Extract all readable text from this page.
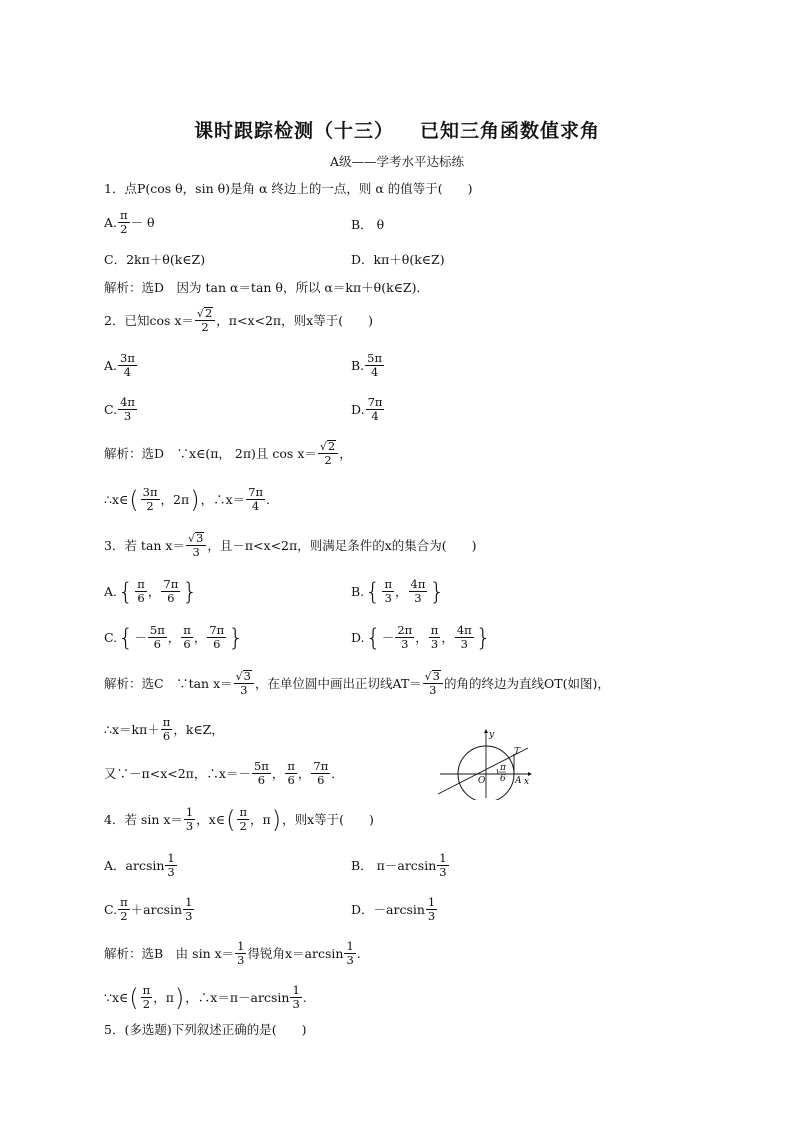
课时跟踪检测（十三） 已知三角函数值求角
A级——学考水平达标练
1．点P(cos θ，sin θ)是角 α 终边上的一点，则 α 的值等于(　　)
A. $\frac{\pi}{2} - \theta$	B． θ
C．2kπ＋θ(k∈Z)	D．kπ＋θ(k∈Z)
解析：选D　因为 tan α＝tan θ，所以 α＝kπ＋θ(k∈Z)．
2．已知$\cos x= \frac{√ 2}{2}$ ，π<x<2π，则x等于(　　)
A. $\frac{3\pi}{4}$	B. $\frac{5\pi}{4}$
C. $\frac{4\pi}{3}$	D. $\frac{7\pi}{4}$
解析：选D　∵x∈(π， 2π)且 $\cos x= \frac{√ 2}{2}$ ，
∴x∈ ( $\frac{3\pi}{2}$ ，2π ) ，∴x＝ $\frac{7\pi}{4}$ .
3．若 $\tan x= \frac{√ 3}{3}$ ，且－π<x<2π，则满足条件的x的集合为(　　)
A. { $\frac{\pi}{6}$ ， $\frac{7\pi}{6}$ }	B. { $\frac{\pi}{3}$ ， $\frac{4\pi}{3}$ }
C. { － $\frac{5\pi}{6}$ ， $\frac{\pi}{6}$ ， $\frac{7\pi}{6}$ }	D. { － $\frac{2\pi}{3}$ ， $\frac{\pi}{3}$ ， $\frac{4\pi}{3}$ }
解析：选C　∵tan $x= \frac{√ 3}{3}$ ，在单位圆中画出正切线$AT= \frac{√ 3}{3}$ 的角的终边为直线OT(如图)，
∴x＝kπ＋ $\frac{\pi}{6}$ ，k∈Z，
又∵－π<x<2π，∴x＝－ $\frac{5\pi}{6}$ ， $\frac{\pi}{6}$ ， $\frac{7\pi}{6}$ ．
y
x
O	A
T
π
6
4．若 $\sin x= \frac{1}{3}$ ，x∈ ( $\frac{\pi}{2}$ ，π ) ，则x等于(　　)
A．$\arcsin \frac{1}{3}$	B． $\pi-\arcsin \frac{1}{3}$
C. $\frac{\pi}{2} +\arcsin \frac{1}{3}$	D．$-\arcsin \frac{1}{3}$
解析：选B　由 $\sin x= \frac{1}{3}$ 得锐角$x=\arcsin \frac{1}{3}$ .
∵x∈ ( $\frac{\pi}{2}$ ，π ) ，∴x＝π－arcsin $\frac{1}{3}$ .
5．(多选题)下列叙述正确的是(　　)
